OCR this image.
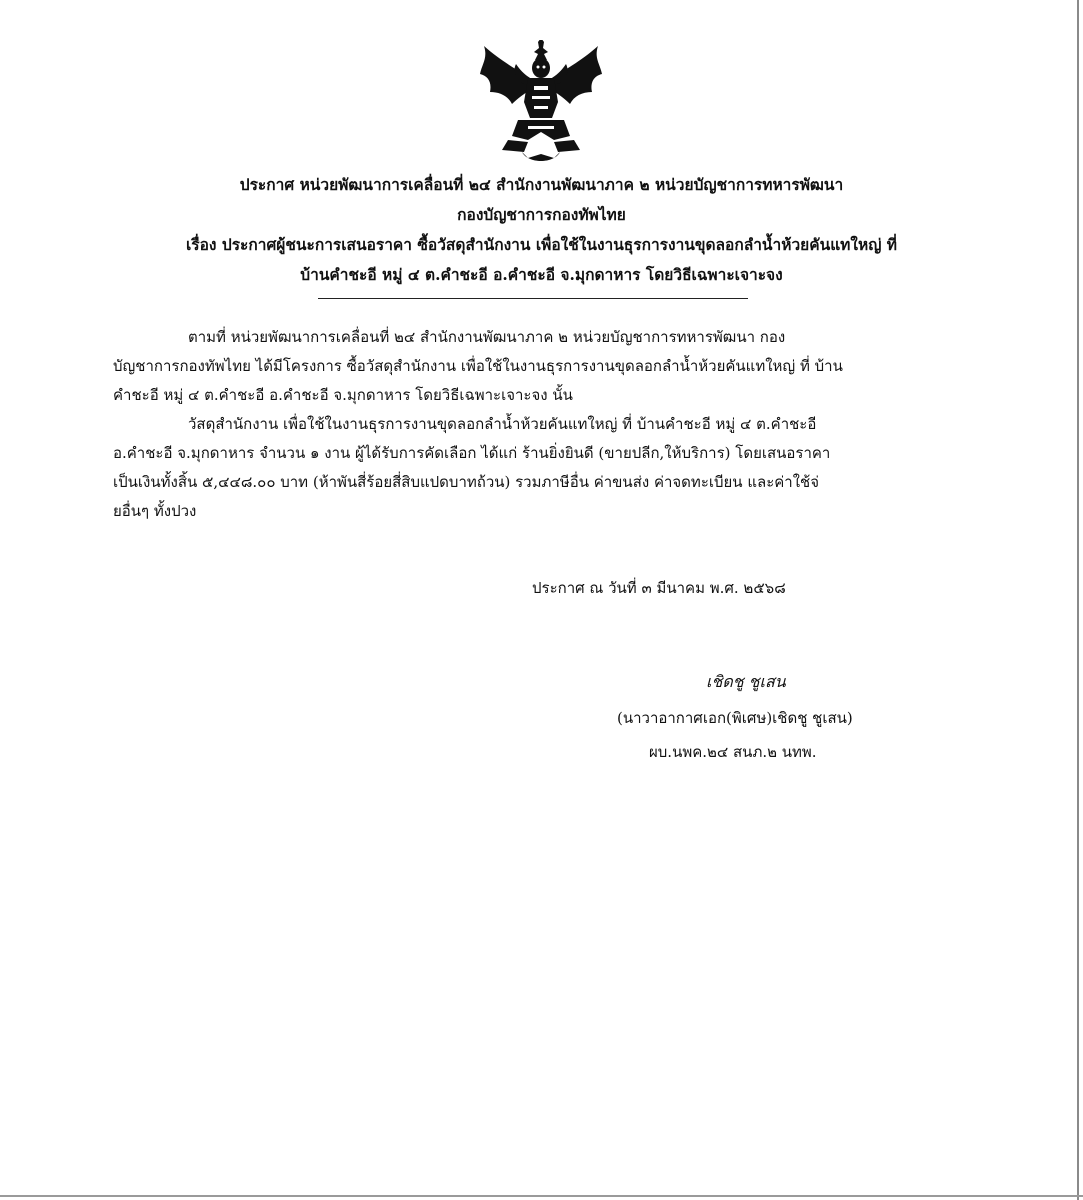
ประกาศ หน่วยพัฒนาการเคลื่อนที่ ๒๔ สำนักงานพัฒนาภาค ๒ หน่วยบัญชาการทหารพัฒนา
กองบัญชาการกองทัพไทย
เรื่อง ประกาศผู้ชนะการเสนอราคา ซื้อวัสดุสำนักงาน เพื่อใช้ในงานธุรการงานขุดลอกลำน้ำห้วยคันแทใหญ่ ที่
บ้านคำชะอี หมู่ ๔ ต.คำชะอี อ.คำชะอี จ.มุกดาหาร โดยวิธีเฉพาะเจาะจง
ตามที่ หน่วยพัฒนาการเคลื่อนที่ ๒๔ สำนักงานพัฒนาภาค ๒ หน่วยบัญชาการทหารพัฒนา กอง
บัญชาการกองทัพไทย ได้มีโครงการ ซื้อวัสดุสำนักงาน เพื่อใช้ในงานธุรการงานขุดลอกลำน้ำห้วยคันแทใหญ่ ที่ บ้าน
คำชะอี หมู่ ๔ ต.คำชะอี อ.คำชะอี จ.มุกดาหาร โดยวิธีเฉพาะเจาะจง นั้น
วัสดุสำนักงาน เพื่อใช้ในงานธุรการงานขุดลอกลำน้ำห้วยคันแทใหญ่ ที่ บ้านคำชะอี หมู่ ๔ ต.คำชะอี
อ.คำชะอี จ.มุกดาหาร จำนวน ๑ งาน ผู้ได้รับการคัดเลือก ได้แก่ ร้านยิ่งยินดี (ขายปลีก,ให้บริการ) โดยเสนอราคา
เป็นเงินทั้งสิ้น ๕,๔๔๘.๐๐ บาท (ห้าพันสี่ร้อยสี่สิบแปดบาทถ้วน) รวมภาษีอื่น ค่าขนส่ง ค่าจดทะเบียน และค่าใช้จ่
ยอื่นๆ ทั้งปวง
ประกาศ ณ วันที่ ๓ มีนาคม พ.ศ. ๒๕๖๘
เชิดชู ชูเสน
(นาวาอากาศเอก(พิเศษ)เชิดชู ชูเสน)
ผบ.นพค.๒๔ สนภ.๒ นทพ.
